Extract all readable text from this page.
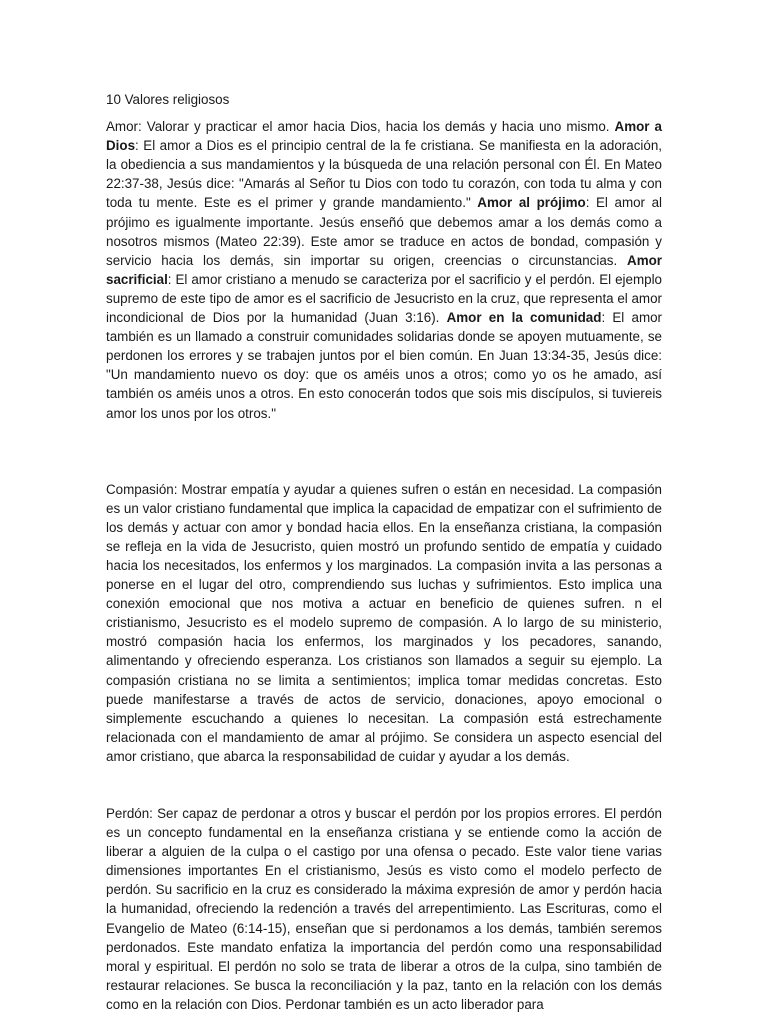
10 Valores religiosos

Amor: Valorar y practicar el amor hacia Dios, hacia los demás y hacia uno mismo. Amor a Dios: El amor a Dios es el principio central de la fe cristiana. Se manifiesta en la adoración, la obediencia a sus mandamientos y la búsqueda de una relación personal con Él. En Mateo 22:37-38, Jesús dice: "Amarás al Señor tu Dios con todo tu corazón, con toda tu alma y con toda tu mente. Este es el primer y grande mandamiento." Amor al prójimo: El amor al prójimo es igualmente importante. Jesús enseñó que debemos amar a los demás como a nosotros mismos (Mateo 22:39). Este amor se traduce en actos de bondad, compasión y servicio hacia los demás, sin importar su origen, creencias o circunstancias. Amor sacrificial: El amor cristiano a menudo se caracteriza por el sacrificio y el perdón. El ejemplo supremo de este tipo de amor es el sacrificio de Jesucristo en la cruz, que representa el amor incondicional de Dios por la humanidad (Juan 3:16). Amor en la comunidad: El amor también es un llamado a construir comunidades solidarias donde se apoyen mutuamente, se perdonen los errores y se trabajen juntos por el bien común. En Juan 13:34-35, Jesús dice: "Un mandamiento nuevo os doy: que os améis unos a otros; como yo os he amado, así también os améis unos a otros. En esto conocerán todos que sois mis discípulos, si tuviereis amor los unos por los otros."

Compasión: Mostrar empatía y ayudar a quienes sufren o están en necesidad. La compasión es un valor cristiano fundamental que implica la capacidad de empatizar con el sufrimiento de los demás y actuar con amor y bondad hacia ellos. En la enseñanza cristiana, la compasión se refleja en la vida de Jesucristo, quien mostró un profundo sentido de empatía y cuidado hacia los necesitados, los enfermos y los marginados. La compasión invita a las personas a ponerse en el lugar del otro, comprendiendo sus luchas y sufrimientos. Esto implica una conexión emocional que nos motiva a actuar en beneficio de quienes sufren. n el cristianismo, Jesucristo es el modelo supremo de compasión. A lo largo de su ministerio, mostró compasión hacia los enfermos, los marginados y los pecadores, sanando, alimentando y ofreciendo esperanza. Los cristianos son llamados a seguir su ejemplo. La compasión cristiana no se limita a sentimientos; implica tomar medidas concretas. Esto puede manifestarse a través de actos de servicio, donaciones, apoyo emocional o simplemente escuchando a quienes lo necesitan. La compasión está estrechamente relacionada con el mandamiento de amar al prójimo. Se considera un aspecto esencial del amor cristiano, que abarca la responsabilidad de cuidar y ayudar a los demás.

Perdón: Ser capaz de perdonar a otros y buscar el perdón por los propios errores. El perdón es un concepto fundamental en la enseñanza cristiana y se entiende como la acción de liberar a alguien de la culpa o el castigo por una ofensa o pecado. Este valor tiene varias dimensiones importantes En el cristianismo, Jesús es visto como el modelo perfecto de perdón. Su sacrificio en la cruz es considerado la máxima expresión de amor y perdón hacia la humanidad, ofreciendo la redención a través del arrepentimiento. Las Escrituras, como el Evangelio de Mateo (6:14-15), enseñan que si perdonamos a los demás, también seremos perdonados. Este mandato enfatiza la importancia del perdón como una responsabilidad moral y espiritual. El perdón no solo se trata de liberar a otros de la culpa, sino también de restaurar relaciones. Se busca la reconciliación y la paz, tanto en la relación con los demás como en la relación con Dios. Perdonar también es un acto liberador para
